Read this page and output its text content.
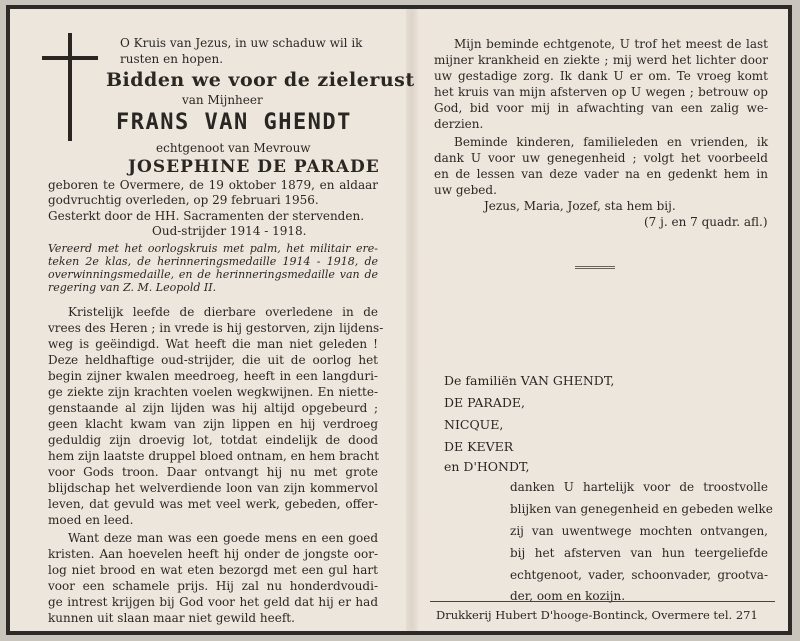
O Kruis van Jezus, in uw schaduw wil ik
rusten en hopen.
Bidden we voor de zielerust
van Mijnheer
FRANS VAN GHENDT
echtgenoot van Mevrouw
JOSEPHINE DE PARADE
geboren te Overmere, de 19 oktober 1879, en aldaar
godvruchtig overleden, op 29 februari 1956.
Gesterkt door de HH. Sacramenten der stervenden.
Oud-strijder 1914 - 1918.
Vereerd met het oorlogskruis met palm, het militair ere-
teken 2e klas, de herinneringsmedaille 1914 - 1918, de
overwinningsmedaille, en de herinneringsmedaille van de
regering van Z. M. Leopold II.
Kristelijk leefde de dierbare overledene in de
vrees des Heren ; in vrede is hij gestorven, zijn lijdens-
weg is geëindigd. Wat heeft die man niet geleden !
Deze heldhaftige oud-strijder, die uit de oorlog het
begin zijner kwalen meedroeg, heeft in een langduri-
ge ziekte zijn krachten voelen wegkwijnen. En niette-
genstaande al zijn lijden was hij altijd opgebeurd ;
geen klacht kwam van zijn lippen en hij verdroeg
geduldig zijn droevig lot, totdat eindelijk de dood
hem zijn laatste druppel bloed ontnam, en hem bracht
voor Gods troon. Daar ontvangt hij nu met grote
blijdschap het welverdiende loon van zijn kommervol
leven, dat gevuld was met veel werk, gebeden, offer-
moed en leed.
Want deze man was een goede mens en een goed
kristen. Aan hoevelen heeft hij onder de jongste oor-
log niet brood en wat eten bezorgd met een gul hart
voor een schamele prijs. Hij zal nu honderdvoudi-
ge intrest krijgen bij God voor het geld dat hij er had
kunnen uit slaan maar niet gewild heeft.
Mijn beminde echtgenote, U trof het meest de last
mijner krankheid en ziekte ; mij werd het lichter door
uw gestadige zorg. Ik dank U er om. Te vroeg komt
het kruis van mijn afsterven op U wegen ; betrouw op
God, bid voor mij in afwachting van een zalig we-
derzien.
Beminde kinderen, familieleden en vrienden, ik
dank U voor uw genegenheid ; volgt het voorbeeld
en de lessen van deze vader na en gedenkt hem in
uw gebed.
Jezus, Maria, Jozef, sta hem bij.
(7 j. en 7 quadr. afl.)
De familiën VAN GHENDT,
DE PARADE,
NICQUE,
DE KEVER
en D'HONDT,
danken U hartelijk voor de troostvolle
blijken van genegenheid en gebeden welke
zij van uwentwege mochten ontvangen,
bij het afsterven van hun teergeliefde
echtgenoot, vader, schoonvader, grootva-
der, oom en kozijn.
Drukkerij Hubert D'hooge-Bontinck, Overmere tel. 271
